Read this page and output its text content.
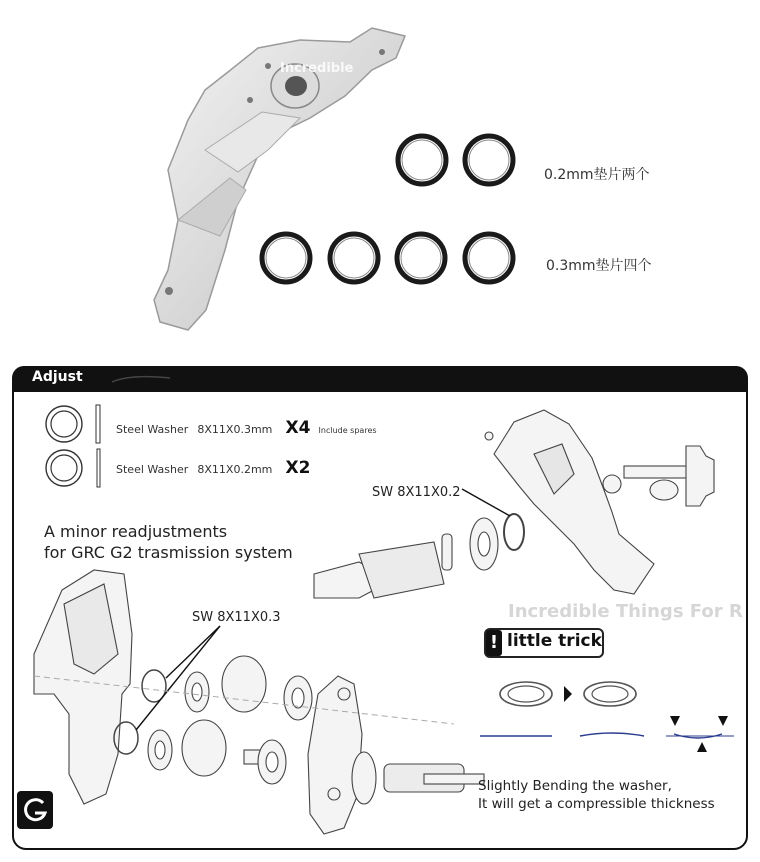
Incredible
0.2mm垫片两个
0.3mm垫片四个
Adjust
Steel Washer 8X11X0.3mm X4 Include spares
Steel Washer 8X11X0.2mm X2
A minor readjustments
for GRC G2 trasmission system
SW 8X11X0.2
SW 8X11X0.3	Incredible Things For R
! little trick
Slightly Bending the washer,
It will get a compressible thickness
